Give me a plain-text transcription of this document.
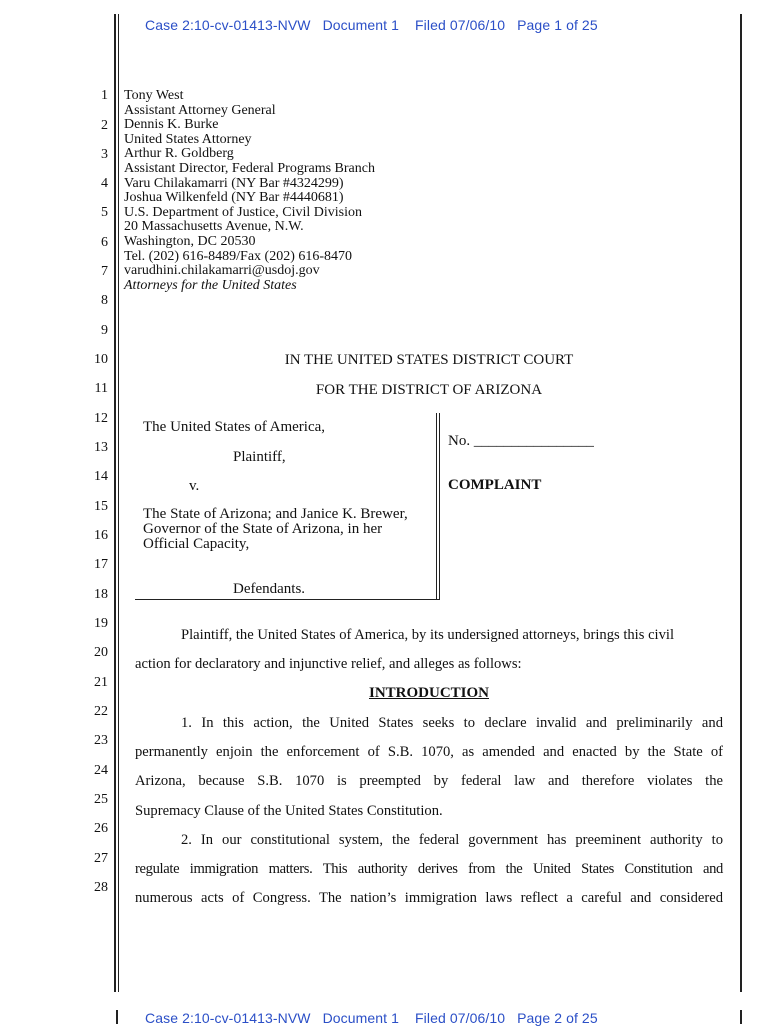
Case 2:10-cv-01413-NVW   Document 1    Filed 07/06/10   Page 1 of 25
1
2
3
4
5
6
7
8
9
10
11
12
13
14
15
16
17
18
19
20
21
22
23
24
25
26
27
28
Tony West
Assistant Attorney General
Dennis K. Burke
United States Attorney
Arthur R. Goldberg
Assistant Director, Federal Programs Branch
Varu Chilakamarri (NY Bar #4324299)
Joshua Wilkenfeld (NY Bar #4440681)
U.S. Department of Justice, Civil Division
20 Massachusetts Avenue, N.W.
Washington, DC 20530
Tel. (202) 616-8489/Fax (202) 616-8470
varudhini.chilakamarri@usdoj.gov
Attorneys for the United States
IN THE UNITED STATES DISTRICT COURT
FOR THE DISTRICT OF ARIZONA
The United States of America,
Plaintiff,
v.
The State of Arizona; and Janice K. Brewer,
Governor of the State of Arizona, in her
Official Capacity,
Defendants.
No. ________________
COMPLAINT
Plaintiff, the United States of America, by its undersigned attorneys, brings this civil
action for declaratory and injunctive relief, and alleges as follows:
INTRODUCTION
1. In this action, the United States seeks to declare invalid and preliminarily and
permanently enjoin the enforcement of S.B. 1070, as amended and enacted by the State of
Arizona, because S.B. 1070 is preempted by federal law and therefore violates the
Supremacy Clause of the United States Constitution.
2. In our constitutional system, the federal government has preeminent authority to
regulate immigration matters. This authority derives from the United States Constitution and
numerous acts of Congress. The nation’s immigration laws reflect a careful and considered
Case 2:10-cv-01413-NVW   Document 1    Filed 07/06/10   Page 2 of 25
